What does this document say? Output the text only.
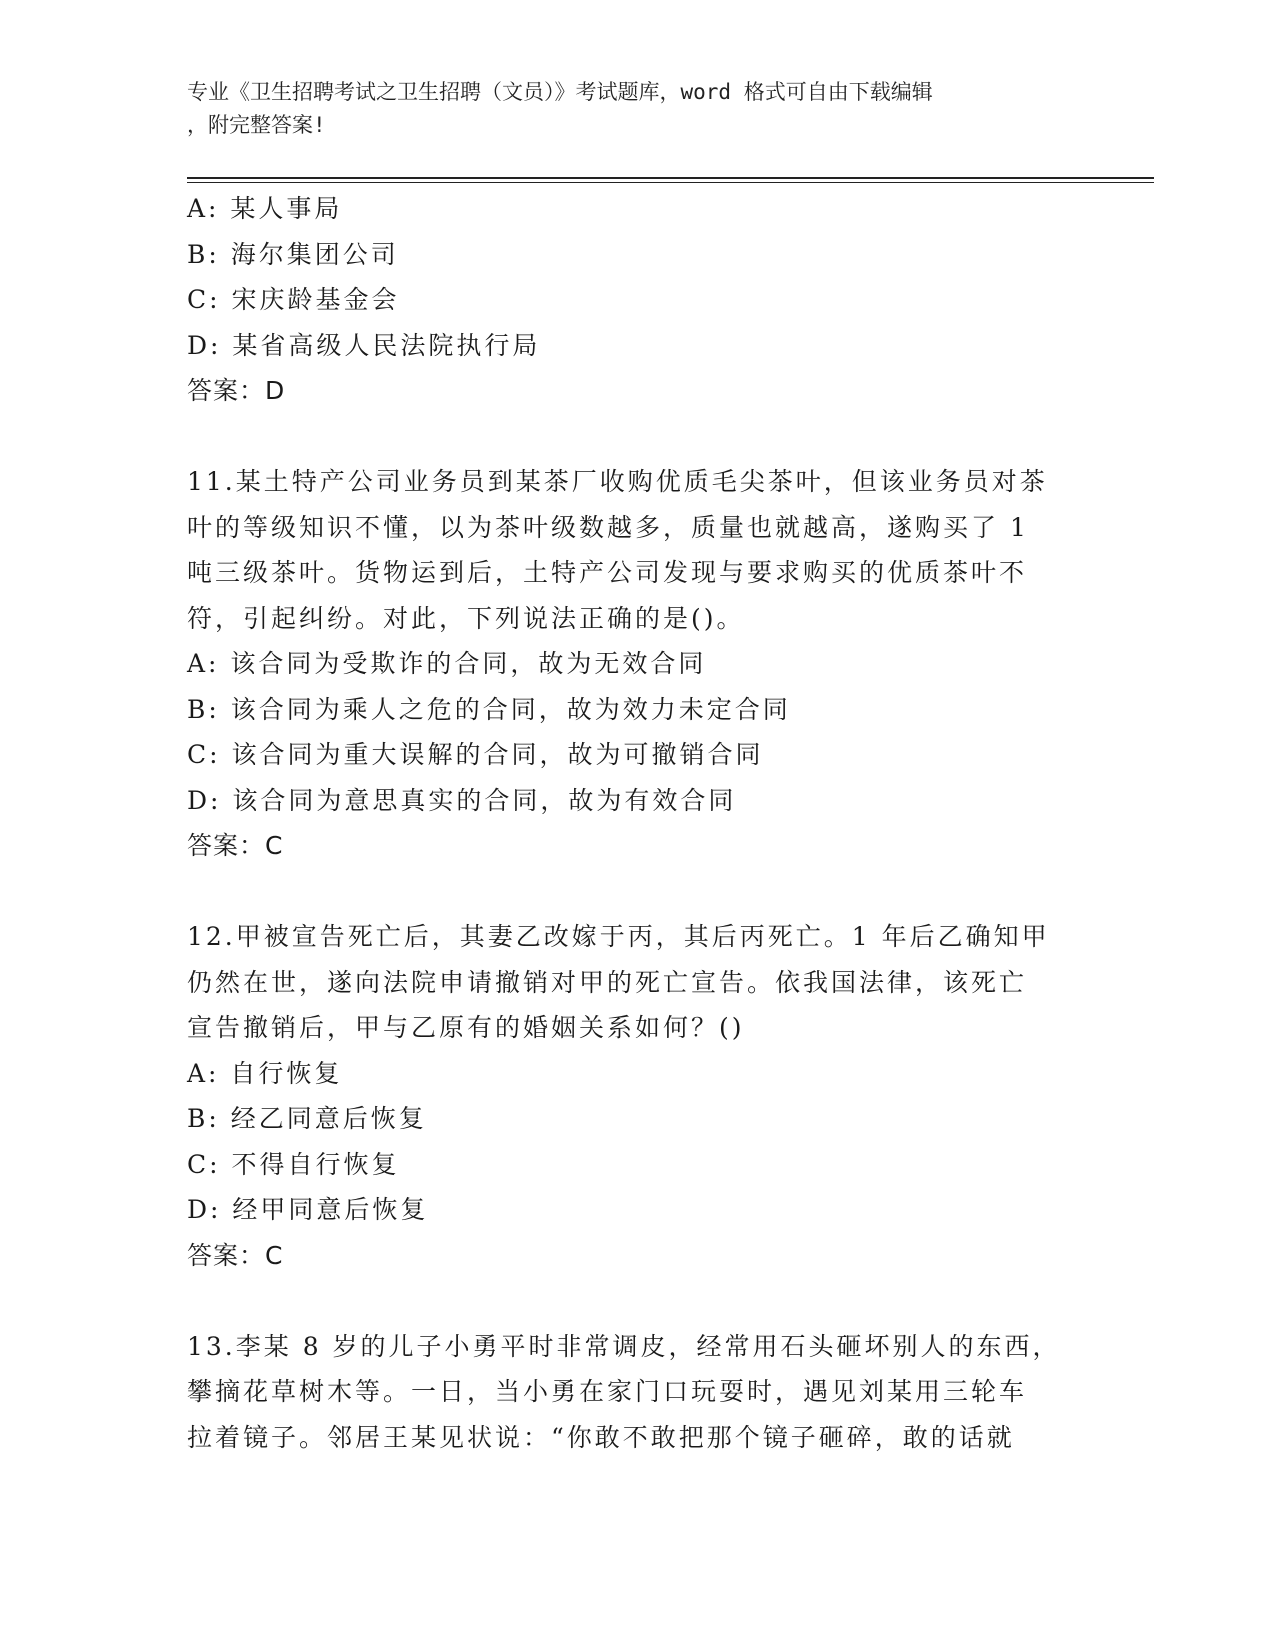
专业《卫生招聘考试之卫生招聘（文员）》考试题库，word 格式可自由下载编辑
，附完整答案!
A: 某人事局
B: 海尔集团公司
C: 宋庆龄基金会
D: 某省高级人民法院执行局
答案：D
11.某土特产公司业务员到某茶厂收购优质毛尖茶叶，但该业务员对茶
叶的等级知识不懂，以为茶叶级数越多，质量也就越高，遂购买了 1
吨三级茶叶。货物运到后，土特产公司发现与要求购买的优质茶叶不
符，引起纠纷。对此，下列说法正确的是()。
A: 该合同为受欺诈的合同，故为无效合同
B: 该合同为乘人之危的合同，故为效力未定合同
C: 该合同为重大误解的合同，故为可撤销合同
D: 该合同为意思真实的合同，故为有效合同
答案：C
12.甲被宣告死亡后，其妻乙改嫁于丙，其后丙死亡。1 年后乙确知甲
仍然在世，遂向法院申请撤销对甲的死亡宣告。依我国法律，该死亡
宣告撤销后，甲与乙原有的婚姻关系如何？()
A: 自行恢复
B: 经乙同意后恢复
C: 不得自行恢复
D: 经甲同意后恢复
答案：C
13.李某 8 岁的儿子小勇平时非常调皮，经常用石头砸坏别人的东西，
攀摘花草树木等。一日，当小勇在家门口玩耍时，遇见刘某用三轮车
拉着镜子。邻居王某见状说：“你敢不敢把那个镜子砸碎，敢的话就
